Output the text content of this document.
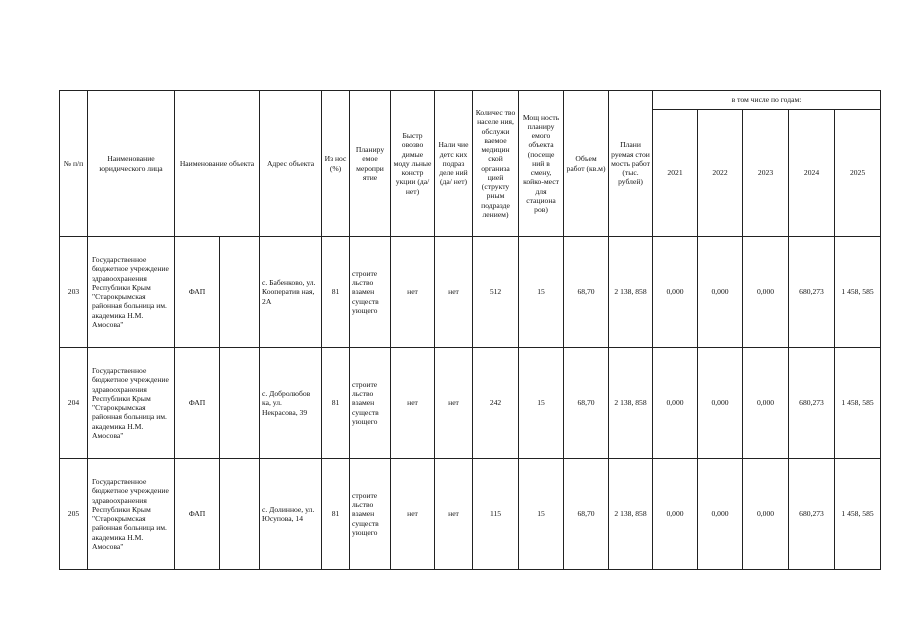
№ п/п	Наименование юридического лица	Наименование объекта		Адрес объекта	Из нос (%)	Планиру емое меропри ятие	Быстр овозво димые моду льные констр укции (да/ нет)	Нали чие детс ких подраз деле ний (да/ нет)	Количес тво населе ния, обслужи ваемое медицин ской организа цией (структу рным подразде лением)	Мощ ность планиру емого объекта (посеще ний в смену, койко-мест для стациона ров)	Объем работ (кв.м)	Плани руемая стои мость работ (тыс. рублей)	в том числе по годам:				
													2021	2022	2023	2024	2025
203	Государственное бюджетное учреждение здравоохранения Республики Крым "Старокрымская районная больница им. академика Н.М. Амосова"	ФАП		с. Бабенково, ул. Кооператив ная, 2А	81	строите льство взамен существ ующего	нет	нет	512	15	68,70	2 138, 858	0,000	0,000	0,000	680,273	1 458, 585
204	Государственное бюджетное учреждение здравоохранения Республики Крым "Старокрымская районная больница им. академика Н.М. Амосова"	ФАП		с. Добролюбов ка, ул. Некрасова, 39	81	строите льство взамен существ ующего	нет	нет	242	15	68,70	2 138, 858	0,000	0,000	0,000	680,273	1 458, 585
205	Государственное бюджетное учреждение здравоохранения Республики Крым "Старокрымская районная больница им. академика Н.М. Амосова"	ФАП		с. Долинное, ул. Юсупова, 14	81	строите льство взамен существ ующего	нет	нет	115	15	68,70	2 138, 858	0,000	0,000	0,000	680,273	1 458, 585
